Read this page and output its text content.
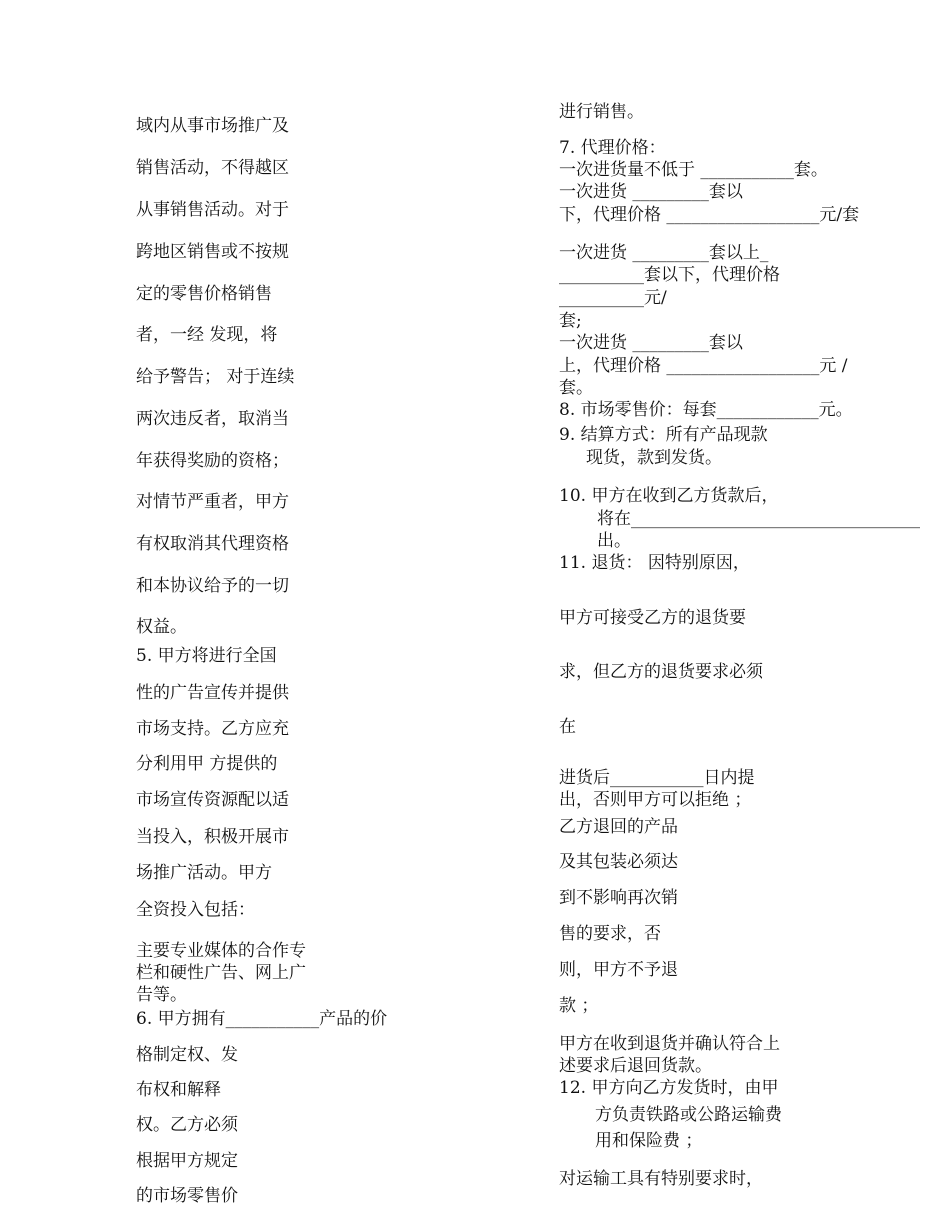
域内从事市场推广及
销售活动，不得越区
从事销售活动。对于
跨地区销售或不按规
定的零售价格销售
者，一经 发现，将
给予警告； 对于连续
两次违反者，取消当
年获得奖励的资格；
对情节严重者，甲方
有权取消其代理资格
和本协议给予的一切
权益。
5. 甲方将进行全国
性的广告宣传并提供
市场支持。乙方应充
分利用甲 方提供的
市场宣传资源配以适
当投入，积极开展市
场推广活动。甲方
全资投入包括：
主要专业媒体的合作专
栏和硬性广告、网上广
告等。
6. 甲方拥有___________产品的价
格制定权、发
布权和解释
权。乙方必须
根据甲方规定
的市场零售价
进行销售。
7. 代理价格：
一次进货量不低于 ___________套。
一次进货 _________套以
下，代理价格 __________________元/套
一次进货 _________套以上_
__________套以下，代理价格
__________元/
套;
一次进货 _________套以
上，代理价格 __________________元 /
套。
8. 市场零售价：每套____________元。
9. 结算方式：所有产品现款
现货，款到发货。
10. 甲方在收到乙方货款后，
将在__________________________________
出。
11. 退货： 因特别原因，
甲方可接受乙方的退货要
求，但乙方的退货要求必须
在
进货后___________日内提
出，否则甲方可以拒绝 ；
乙方退回的产品
及其包装必须达
到不影响再次销
售的要求，否
则，甲方不予退
款 ；
甲方在收到退货并确认符合上
述要求后退回货款。
12. 甲方向乙方发货时，由甲
方负责铁路或公路运输费
用和保险费 ；
对运输工具有特别要求时，
